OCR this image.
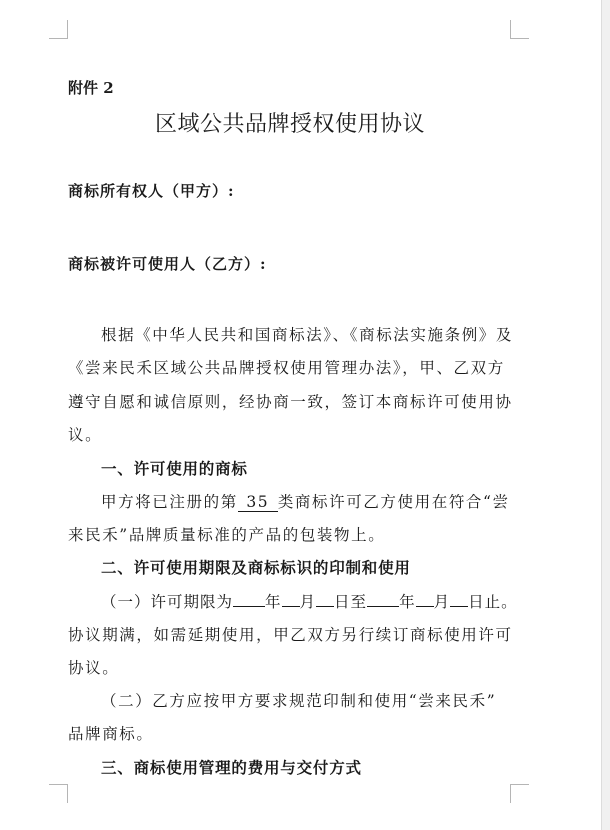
附件 2
区域公共品牌授权使用协议
商标所有权人（甲方）:
商标被许可使用人（乙方）:
根据《中华人民共和国商标法》、《商标法实施条例》及
《尝来民禾区域公共品牌授权使用管理办法》，甲、乙双方
遵守自愿和诚信原则，经协商一致，签订本商标许可使用协
议。
一、许可使用的商标
甲方将已注册的第 35 类商标许可乙方使用在符合“尝
来民禾”品牌质量标准的产品的包装物上。
二、许可使用期限及商标标识的印制和使用
（一）许可期限为 年 月 日至 年 月 日止。
协议期满，如需延期使用，甲乙双方另行续订商标使用许可
协议。
（二）乙方应按甲方要求规范印制和使用“尝来民禾”
品牌商标。
三、商标使用管理的费用与交付方式
